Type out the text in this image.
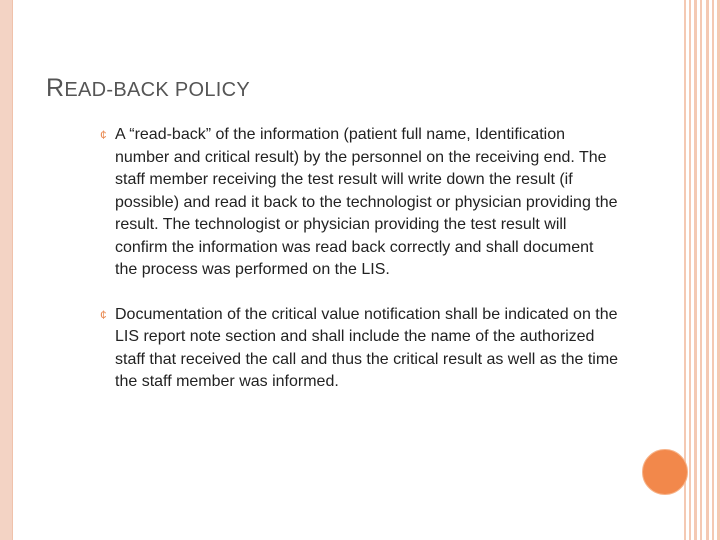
READ-BACK POLICY
¢ A “read-back” of the information (patient full name, Identification number and critical result) by the personnel on the receiving end. The staff member receiving the test result will write down the result (if possible) and read it back to the technologist or physician providing the result. The technologist or physician providing the test result will confirm the information was read back correctly and shall document the process was performed on the LIS.
¢ Documentation of the critical value notification shall be indicated on the LIS report note section and shall include the name of the authorized staff that received the call and thus the critical result as well as the time the staff member was informed.
